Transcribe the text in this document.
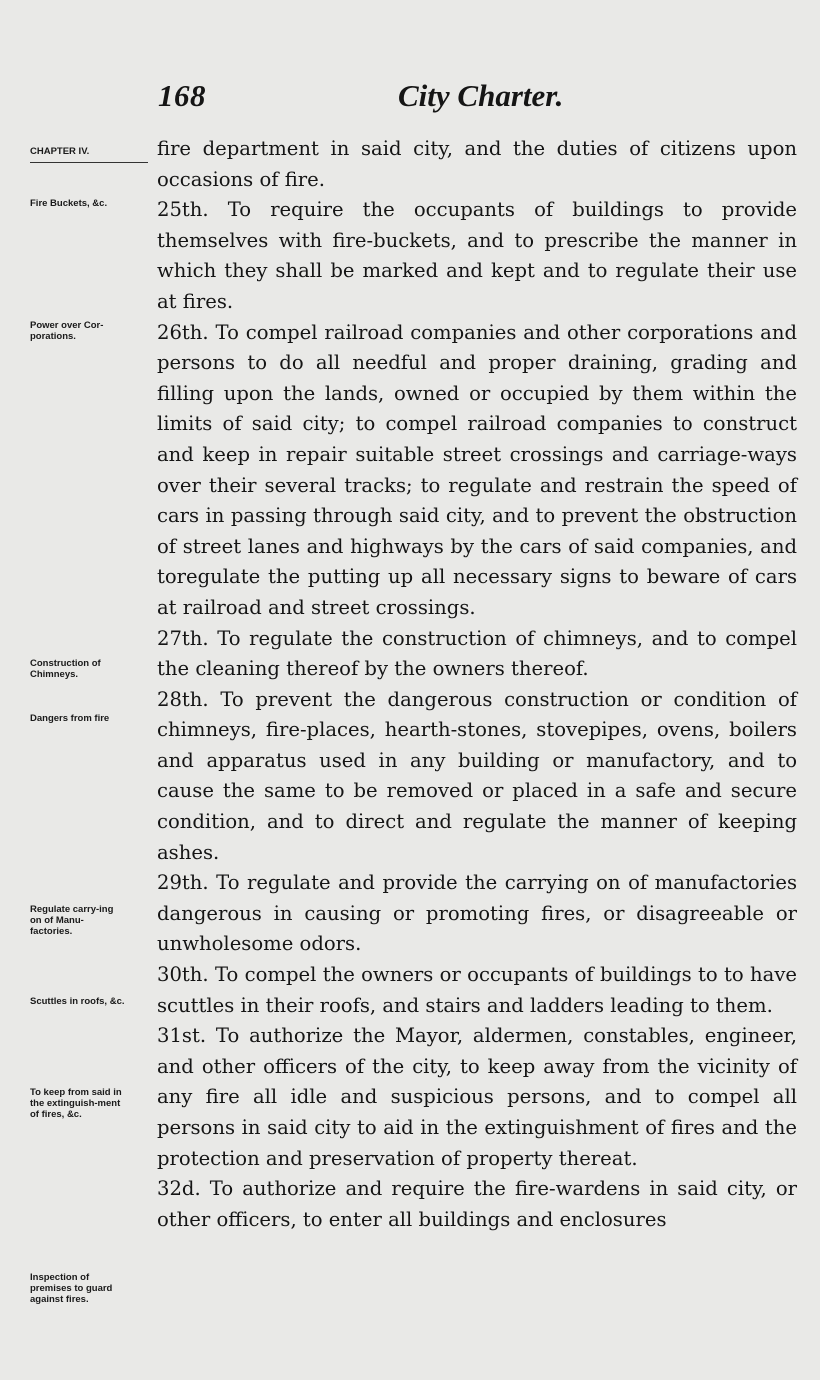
168	City Charter.
CHAPTER IV.
Fire Buckets, &c.
Power over Cor-porations.
Construction of Chimneys.
Dangers from fire
Regulate carry-ing on of Manu-factories.
Scuttles in roofs, &c.
To keep from said in the extinguish-ment of fires, &c.
Inspection of premises to guard against fires.

fire department in said city, and the duties of citizens upon occasions of fire.

25th. To require the occupants of buildings to provide themselves with fire-buckets, and to prescribe the manner in which they shall be marked and kept and to regulate their use at fires.

26th. To compel railroad companies and other corporations and persons to do all needful and proper draining, grading and filling upon the lands, owned or occupied by them within the limits of said city; to compel railroad companies to construct and keep in repair suitable street crossings and carriage-ways over their several tracks; to regulate and restrain the speed of cars in passing through said city, and to prevent the obstruction of street lanes and highways by the cars of said companies, and toregulate the putting up all necessary signs to beware of cars at railroad and street crossings.

27th. To regulate the construction of chimneys, and to compel the cleaning thereof by the owners thereof.

28th. To prevent the dangerous construction or condition of chimneys, fire-places, hearth-stones, stovepipes, ovens, boilers and apparatus used in any building or manufactory, and to cause the same to be removed or placed in a safe and secure condition, and to direct and regulate the manner of keeping ashes.

29th. To regulate and provide the carrying on of manufactories dangerous in causing or promoting fires, or disagreeable or unwholesome odors.

30th. To compel the owners or occupants of buildings to to have scuttles in their roofs, and stairs and ladders leading to them.

31st. To authorize the Mayor, aldermen, constables, engineer, and other officers of the city, to keep away from the vicinity of any fire all idle and suspicious persons, and to compel all persons in said city to aid in the extinguishment of fires and the protection and preservation of property thereat.

32d. To authorize and require the fire-wardens in said city, or other officers, to enter all buildings and enclosures
